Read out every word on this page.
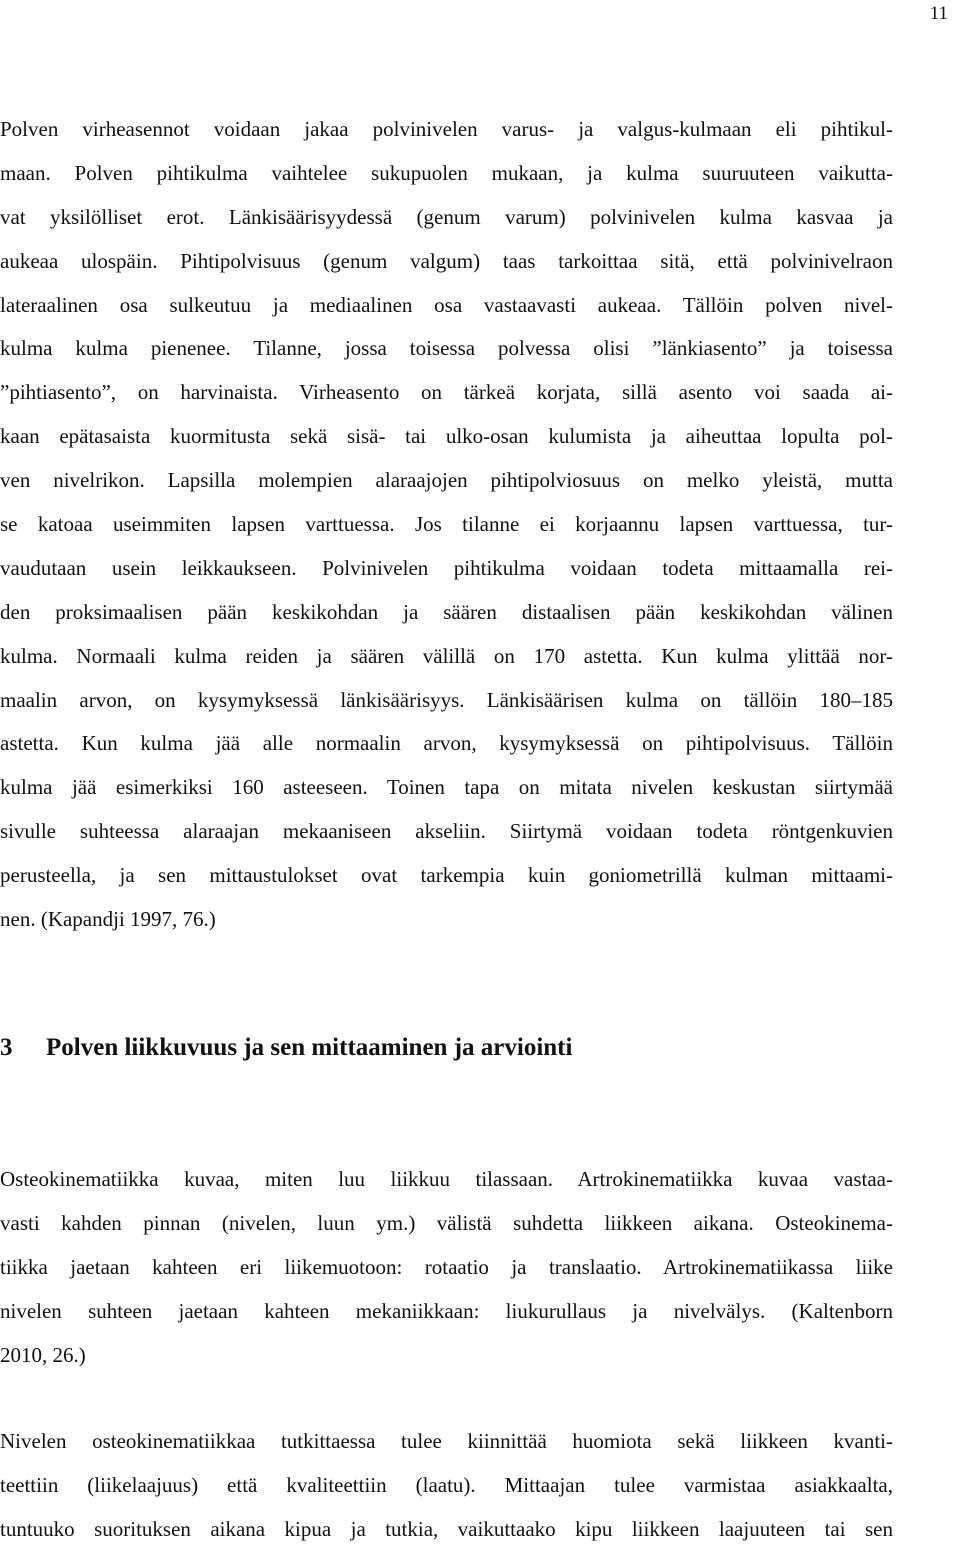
11
Polven virheasennot voidaan jakaa polvinivelen varus- ja valgus-kulmaan eli pihtikul-
maan. Polven pihtikulma vaihtelee sukupuolen mukaan, ja kulma suuruuteen vaikutta-
vat yksilölliset erot. Länkisäärisyydessä (genum varum) polvinivelen kulma kasvaa ja
aukeaa ulospäin. Pihtipolvisuus (genum valgum) taas tarkoittaa sitä, että polvinivelraon
lateraalinen osa sulkeutuu ja mediaalinen osa vastaavasti aukeaa. Tällöin polven nivel-
kulma kulma pienenee. Tilanne, jossa toisessa polvessa olisi ”länkiasento” ja toisessa
”pihtiasento”, on harvinaista. Virheasento on tärkeä korjata, sillä asento voi saada ai-
kaan epätasaista kuormitusta sekä sisä- tai ulko-osan kulumista ja aiheuttaa lopulta pol-
ven nivelrikon. Lapsilla molempien alaraajojen pihtipolviosuus on melko yleistä, mutta
se katoaa useimmiten lapsen varttuessa. Jos tilanne ei korjaannu lapsen varttuessa, tur-
vaudutaan usein leikkaukseen. Polvinivelen pihtikulma voidaan todeta mittaamalla rei-
den proksimaalisen pään keskikohdan ja säären distaalisen pään keskikohdan välinen
kulma. Normaali kulma reiden ja säären välillä on 170 astetta. Kun kulma ylittää nor-
maalin arvon, on kysymyksessä länkisäärisyys. Länkisäärisen kulma on tällöin 180–185
astetta. Kun kulma jää alle normaalin arvon, kysymyksessä on pihtipolvisuus. Tällöin
kulma jää esimerkiksi 160 asteeseen. Toinen tapa on mitata nivelen keskustan siirtymää
sivulle suhteessa alaraajan mekaaniseen akseliin. Siirtymä voidaan todeta röntgenkuvien
perusteella, ja sen mittaustulokset ovat tarkempia kuin goniometrillä kulman mittaami-
nen. (Kapandji 1997, 76.)
3 Polven liikkuvuus ja sen mittaaminen ja arviointi
Osteokinematiikka kuvaa, miten luu liikkuu tilassaan. Artrokinematiikka kuvaa vastaa-
vasti kahden pinnan (nivelen, luun ym.) välistä suhdetta liikkeen aikana. Osteokinema-
tiikka jaetaan kahteen eri liikemuotoon: rotaatio ja translaatio. Artrokinematiikassa liike
nivelen suhteen jaetaan kahteen mekaniikkaan: liukurullaus ja nivelvälys. (Kaltenborn
2010, 26.)
Nivelen osteokinematiikkaa tutkittaessa tulee kiinnittää huomiota sekä liikkeen kvanti-
teettiin (liikelaajuus) että kvaliteettiin (laatu). Mittaajan tulee varmistaa asiakkaalta,
tuntuuko suorituksen aikana kipua ja tutkia, vaikuttaako kipu liikkeen laajuuteen tai sen
